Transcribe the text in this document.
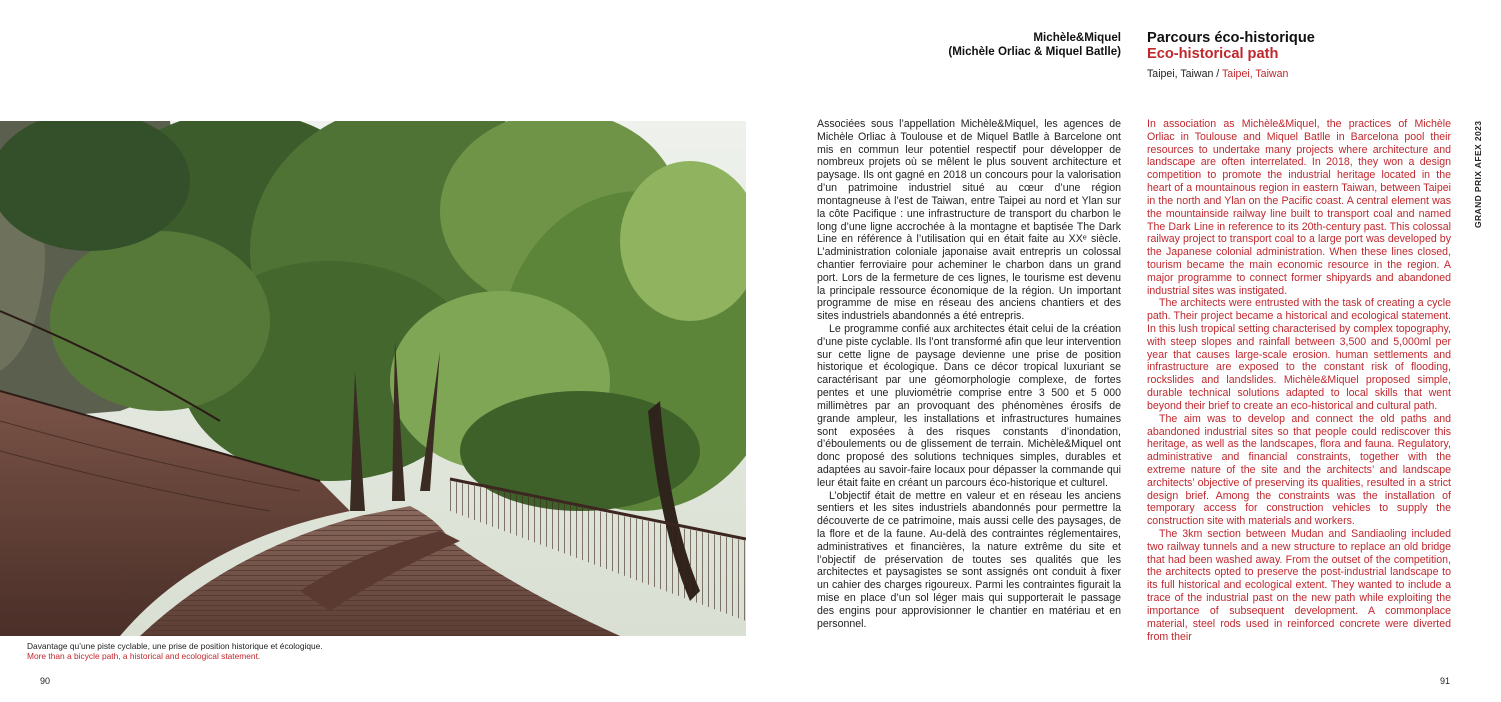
Davantage qu’une piste cyclable, une prise de position historique et écologique.
More than a bicycle path, a historical and ecological statement.
90	91
Michèle&Miquel
(Michèle Orliac & Miquel Batlle)
Parcours éco-historique
Eco-historical path
Taipei, Taiwan / Taipei, Taiwan
GRAND PRIX AFEX 2023

Associées sous l’appellation Michèle&Miquel, les agences de Michèle Orliac à Toulouse et de Miquel Batlle à Barcelone ont mis en commun leur potentiel respectif pour développer de nombreux projets où se mêlent le plus souvent architecture et paysage. Ils ont gagné en 2018 un concours pour la valorisation d’un patrimoine industriel situé au cœur d’une région montagneuse à l’est de Taiwan, entre Taipei au nord et Ylan sur la côte Pacifique : une infrastructure de transport du charbon le long d’une ligne accrochée à la montagne et baptisée The Dark Line en référence à l’utilisation qui en était faite au XXᵉ siècle. L’administration coloniale japonaise avait entrepris un colossal chantier ferroviaire pour acheminer le charbon dans un grand port. Lors de la fermeture de ces lignes, le tourisme est devenu la principale ressource économique de la région. Un important programme de mise en réseau des anciens chantiers et des sites industriels abandonnés a été entrepris.

Le programme confié aux architectes était celui de la création d’une piste cyclable. Ils l’ont transformé afin que leur intervention sur cette ligne de paysage devienne une prise de position historique et écologique. Dans ce décor tropical luxuriant se caractérisant par une géomorphologie complexe, de fortes pentes et une pluviométrie comprise entre 3 500 et 5 000 millimètres par an provoquant des phénomènes érosifs de grande ampleur, les installations et infrastructures humaines sont exposées à des risques constants d’inondation, d’éboulements ou de glissement de terrain. Michèle&Miquel ont donc proposé des solutions techniques simples, durables et adaptées au savoir-faire locaux pour dépasser la commande qui leur était faite en créant un parcours éco-historique et culturel.

L’objectif était de mettre en valeur et en réseau les anciens sentiers et les sites industriels abandonnés pour permettre la découverte de ce patrimoine, mais aussi celle des paysages, de la flore et de la faune. Au-delà des contraintes réglementaires, administratives et financières, la nature extrême du site et l’objectif de préservation de toutes ses qualités que les architectes et paysagistes se sont assignés ont conduit à fixer un cahier des charges rigoureux. Parmi les contraintes figurait la mise en place d’un sol léger mais qui supporterait le passage des engins pour approvisionner le chantier en matériau et en personnel.

In association as Michèle&Miquel, the practices of Michèle Orliac in Toulouse and Miquel Batlle in Barcelona pool their resources to undertake many projects where architecture and landscape are often interrelated. In 2018, they won a design competition to promote the industrial heritage located in the heart of a mountainous region in eastern Taiwan, between Taipei in the north and Ylan on the Pacific coast. A central element was the mountainside railway line built to transport coal and named The Dark Line in reference to its 20th-century past. This colossal railway project to transport coal to a large port was developed by the Japanese colonial administration. When these lines closed, tourism became the main economic resource in the region. A major programme to connect former shipyards and abandoned industrial sites was instigated.

The architects were entrusted with the task of creating a cycle path. Their project became a historical and ecological statement. In this lush tropical setting characterised by complex topography, with steep slopes and rainfall between 3,500 and 5,000ml per year that causes large-scale erosion. human settlements and infrastructure are exposed to the constant risk of flooding, rockslides and landslides. Michèle&Miquel proposed simple, durable technical solutions adapted to local skills that went beyond their brief to create an eco-historical and cultural path.

The aim was to develop and connect the old paths and abandoned industrial sites so that people could rediscover this heritage, as well as the landscapes, flora and fauna. Regulatory, administrative and financial constraints, together with the extreme nature of the site and the architects’ and landscape architects’ objective of preserving its qualities, resulted in a strict design brief. Among the constraints was the installation of temporary access for construction vehicles to supply the construction site with materials and workers.

The 3km section between Mudan and Sandiaoling included two railway tunnels and a new structure to replace an old bridge that had been washed away. From the outset of the competition, the architects opted to preserve the post-industrial landscape to its full historical and ecological extent. They wanted to include a trace of the industrial past on the new path while exploiting the importance of subsequent development. A commonplace material, steel rods used in reinforced concrete were diverted from their
